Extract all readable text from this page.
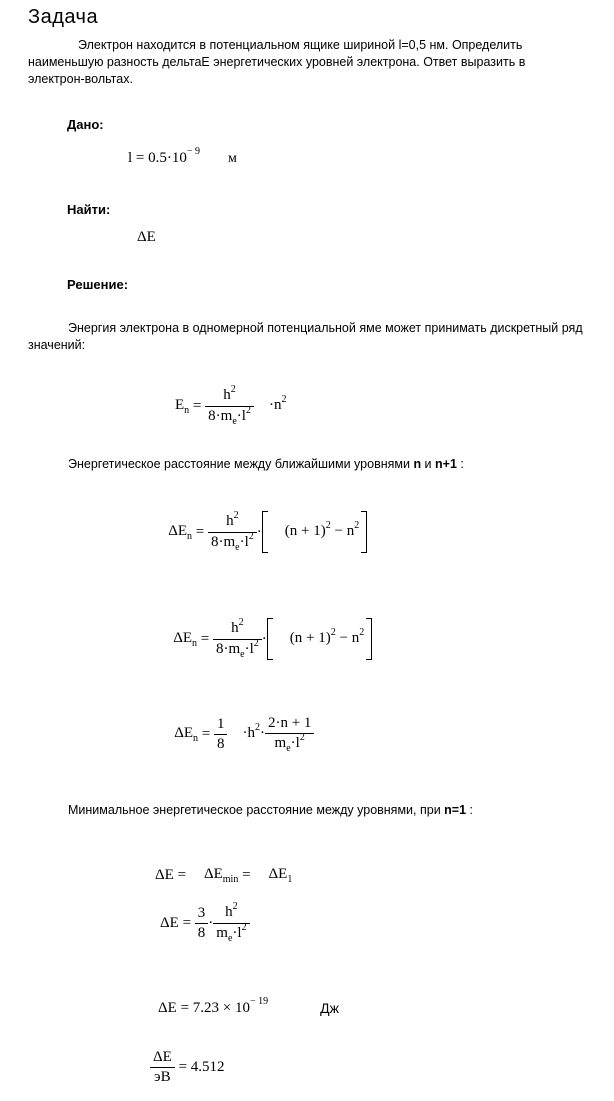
Задача
Электрон находится в потенциальном ящике шириной l=0,5 нм. Определить наименьшую разность дельтаE энергетических уровней электрона. Ответ выразить в электрон-вольтах.
Дано:
l = 0.5 · 10 − 9 м
Найти:
ΔE
Решение:
Энергия электрона в одномерной потенциальной яме может принимать дискретный ряд значений:

$E_n$
= $\frac{h^2}{8\cdot m_e\cdot l^2}$	$\cdot n^2$

Энергетическое расстояние между ближайшими уровнями n и n+1 :

$\Delta E_n$
= $\frac{h^2}{8\cdot m_e\cdot l^2}$ ·	$(n + 1)^2 - n^2$

$\Delta E_n$
= $\frac{h^2}{8\cdot m_e\cdot l^2}$ ·	$(n + 1)^2 - n^2$

$\Delta E_n$
= $\frac{1}{8}$	$\cdot h^2\cdot$
$\frac{2\cdot n + 1}{m_e\cdot l^2}$
Минимальное энергетическое расстояние между уровнями, при n=1 :
$\Delta E = \Delta E_{min}$
= $\Delta E_1$

$\Delta E = \frac{3}{8} \cdot \frac{h^2}{m_e\cdot l^2}$
ΔE = 7.23 × 10 − 19	Дж
$\frac{\Delta E}{эВ} = 4.512$
